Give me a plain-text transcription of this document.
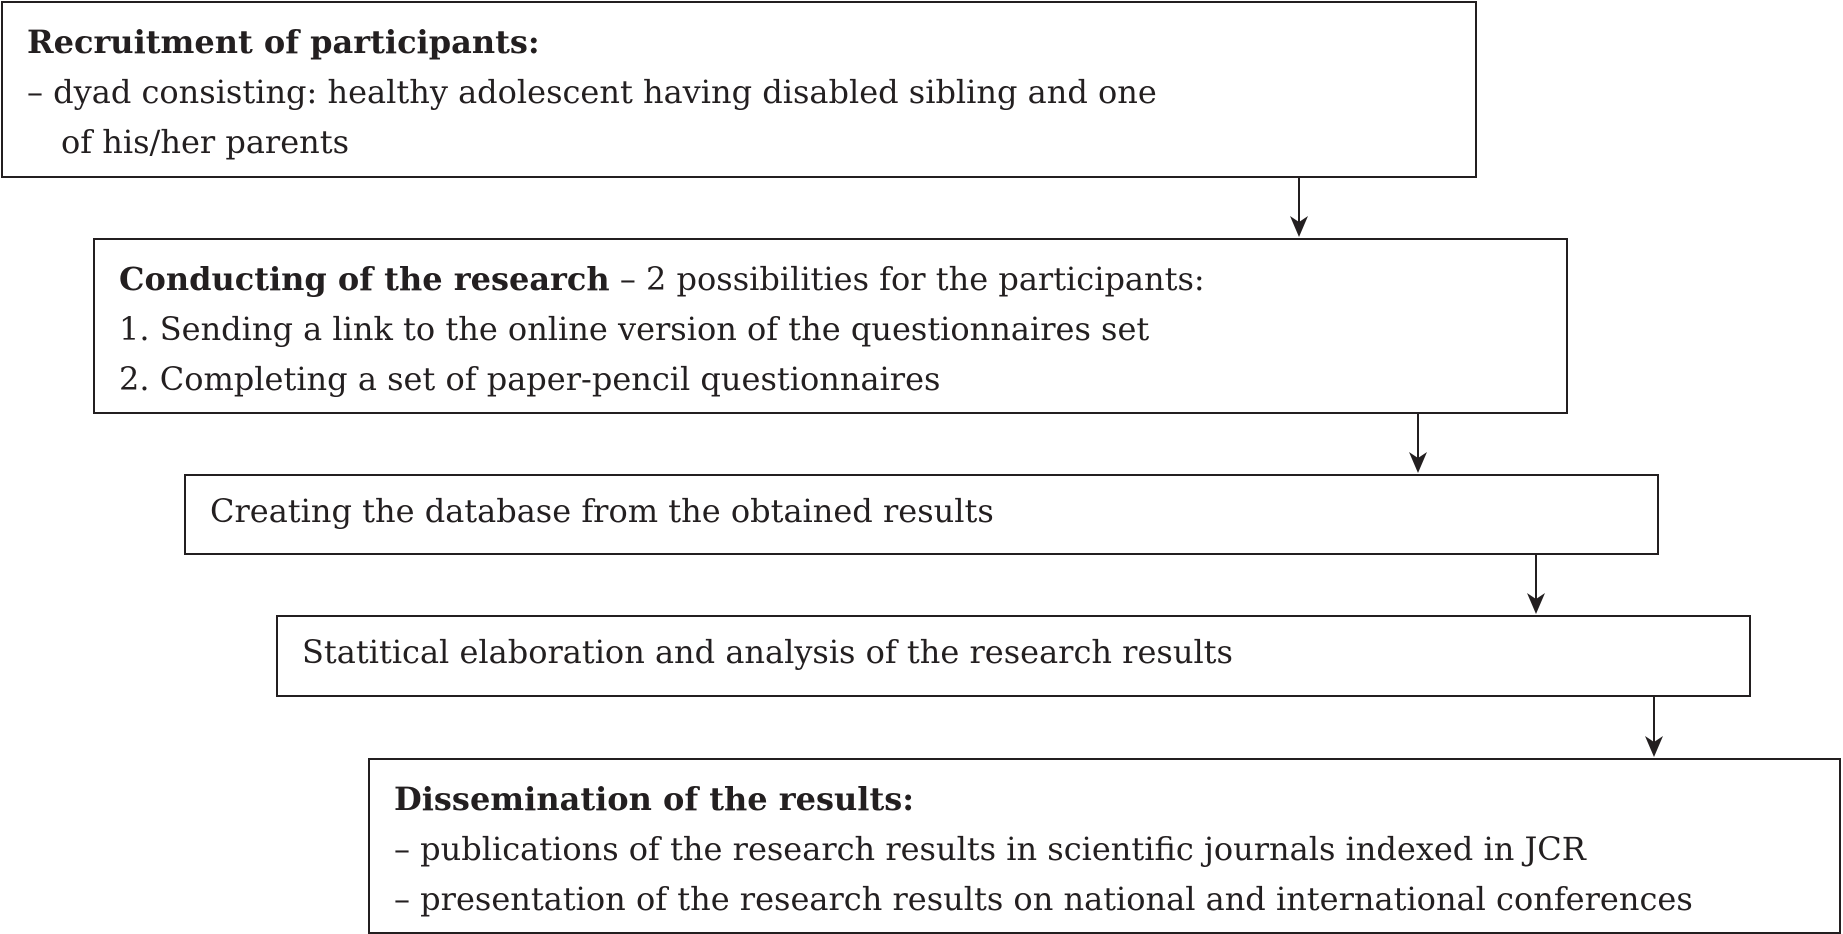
Recruitment of participants:
– dyad consisting: healthy adolescent having disabled sibling and one
of his/her parents
Conducting of the research – 2 possibilities for the participants:
1. Sending a link to the online version of the questionnaires set
2. Completing a set of paper-pencil questionnaires
Creating the database from the obtained results
Statitical elaboration and analysis of the research results
Dissemination of the results:
– publications of the research results in scientific journals indexed in JCR
– presentation of the research results on national and international conferences
